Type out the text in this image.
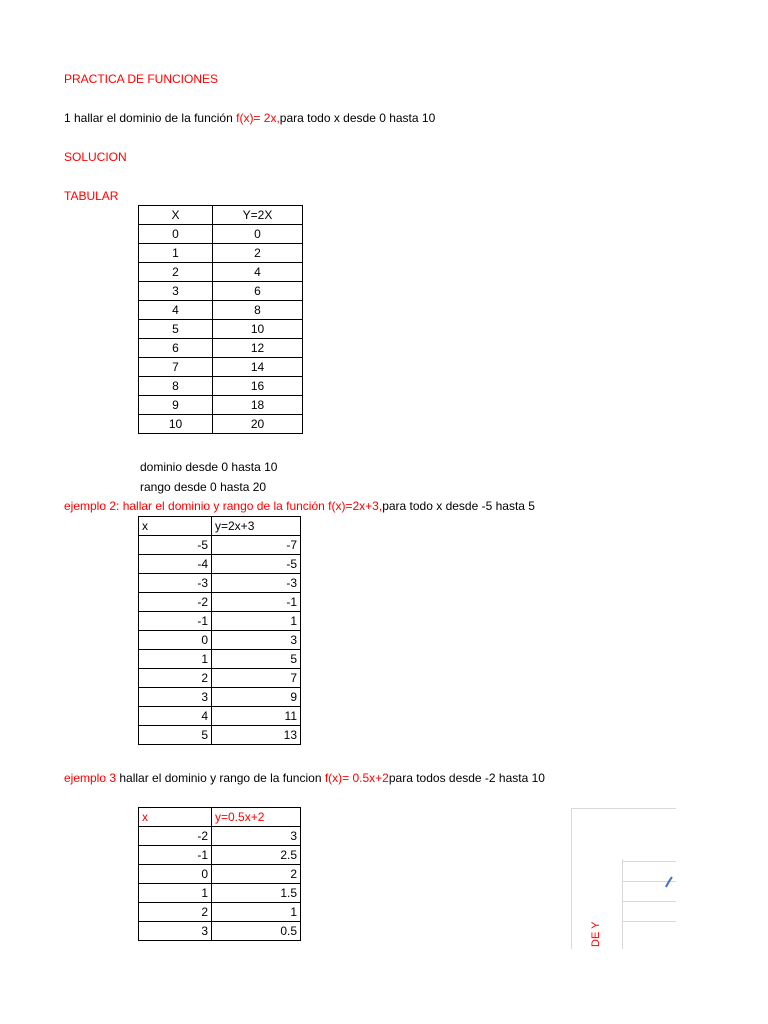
PRACTICA DE FUNCIONES
1 hallar el dominio de la función f(x)= 2x,para todo x desde 0 hasta 10
SOLUCION
TABULAR
X	Y=2X
0	0
1	2
2	4
3	6
4	8
5	10
6	12
7	14
8	16
9	18
10	20
dominio desde 0 hasta 10
rango desde 0 hasta 20
ejemplo 2: hallar el dominio y rango de la función f(x)=2x+3,para todo x desde -5 hasta 5
x	y=2x+3
-5	-7
-4	-5
-3	-3
-2	-1
-1	1
0	3
1	5
2	7
3	9
4	11
5	13
ejemplo 3 hallar el dominio y rango de la funcion f(x)= 0.5x+2para todos desde -2 hasta 10
x	y=0.5x+2
-2	3
-1	2.5
0	2
1	1.5
2	1
3	0.5	DE Y
